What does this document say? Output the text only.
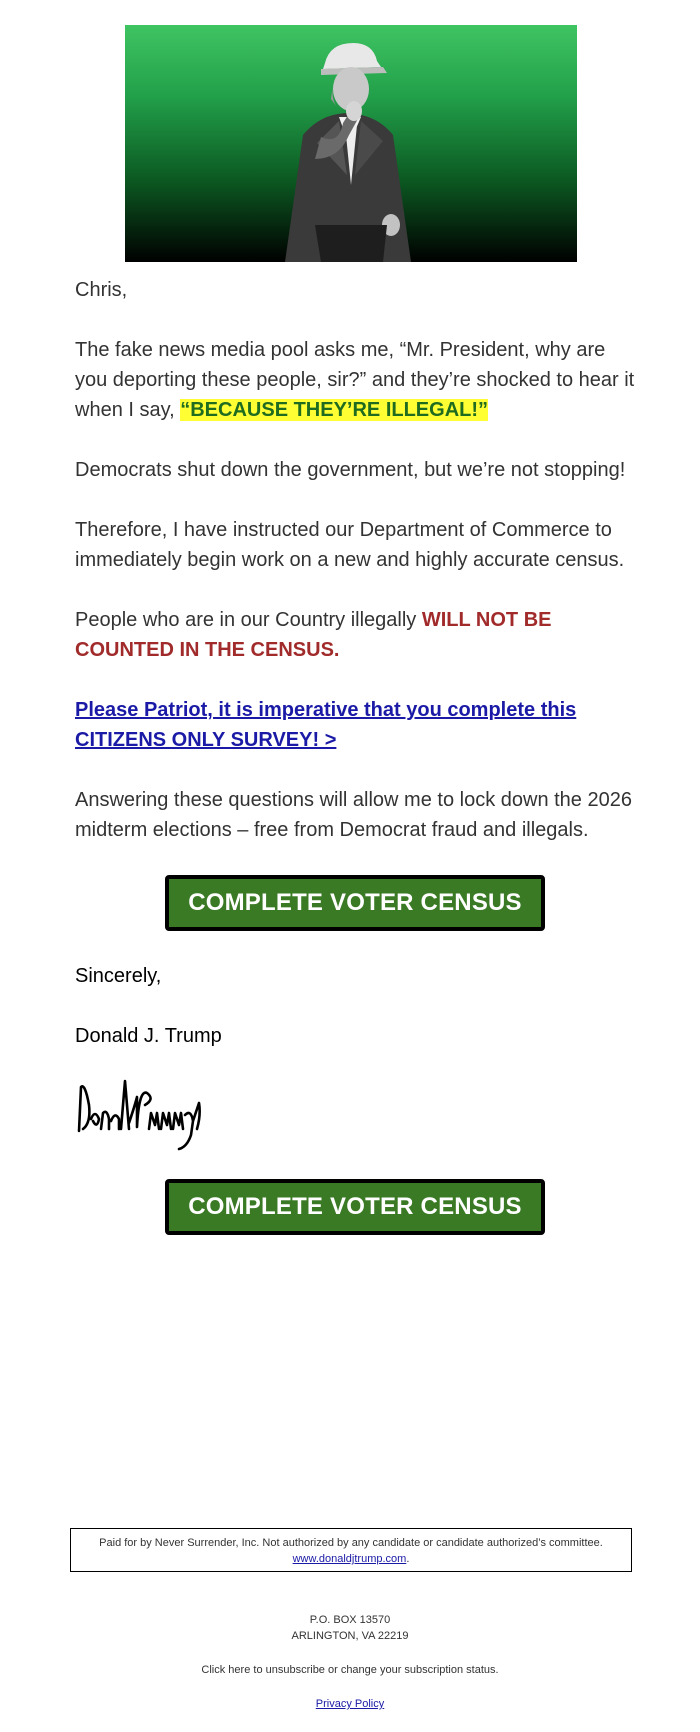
Chris,

The fake news media pool asks me, “Mr. President, why are you deporting these people, sir?” and they’re shocked to hear it when I say, “BECAUSE THEY’RE ILLEGAL!”

Democrats shut down the government, but we’re not stopping!

Therefore, I have instructed our Department of Commerce to immediately begin work on a new and highly accurate census.

People who are in our Country illegally WILL NOT BE COUNTED IN THE CENSUS.

Please Patriot, it is imperative that you complete this CITIZENS ONLY SURVEY! >

Answering these questions will allow me to lock down the 2026 midterm elections – free from Democrat fraud and illegals.

COMPLETE VOTER CENSUS

Sincerely,

Donald J. Trump

COMPLETE VOTER CENSUS
Paid for by Never Surrender, Inc. Not authorized by any candidate or candidate authorized’s committee.
www.donaldjtrump.com.
P.O. BOX 13570
ARLINGTON, VA 22219
Click here to unsubscribe or change your subscription status.
Privacy Policy
